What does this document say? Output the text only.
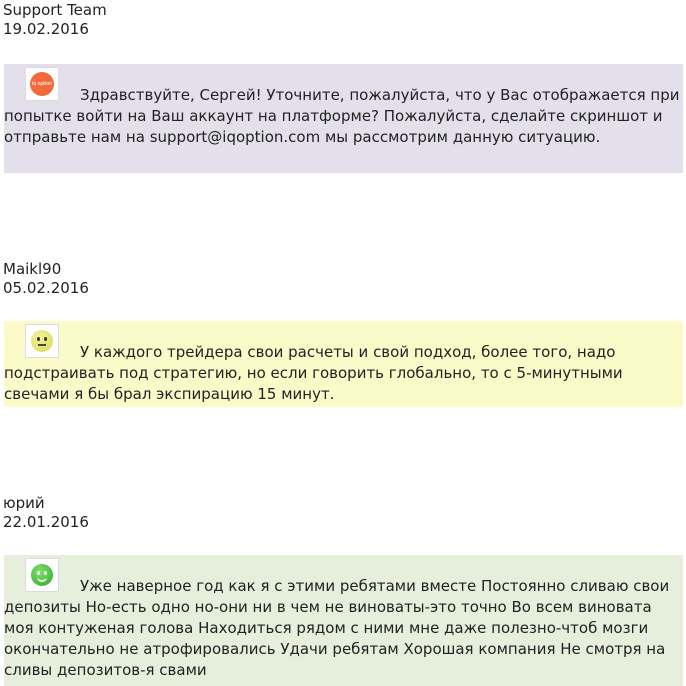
Support Team
19.02.2016
iq option

Здравствуйте, Сергей! Уточните, пожалуйста, что у Вас отображается при попытке войти на Ваш аккаунт на платформе? Пожалуйста, сделайте скриншот и отправьте нам на support@iqoption.com мы рассмотрим данную ситуацию.

Maikl90
05.02.2016

У каждого трейдера свои расчеты и свой подход, более того, надо подстраивать под стратегию, но если говорить глобально, то с 5-минутными свечами я бы брал экспирацию 15 минут.

юрий
22.01.2016

Уже наверное год как я с этими ребятами вместе Постоянно сливаю свои депозиты Но-есть одно но-они ни в чем не виноваты-это точно Во всем виновата моя контуженая голова Находиться рядом с ними мне даже полезно-чтоб мозги окончательно не атрофировались Удачи ребятам Хорошая компания Не смотря на сливы депозитов-я свами
